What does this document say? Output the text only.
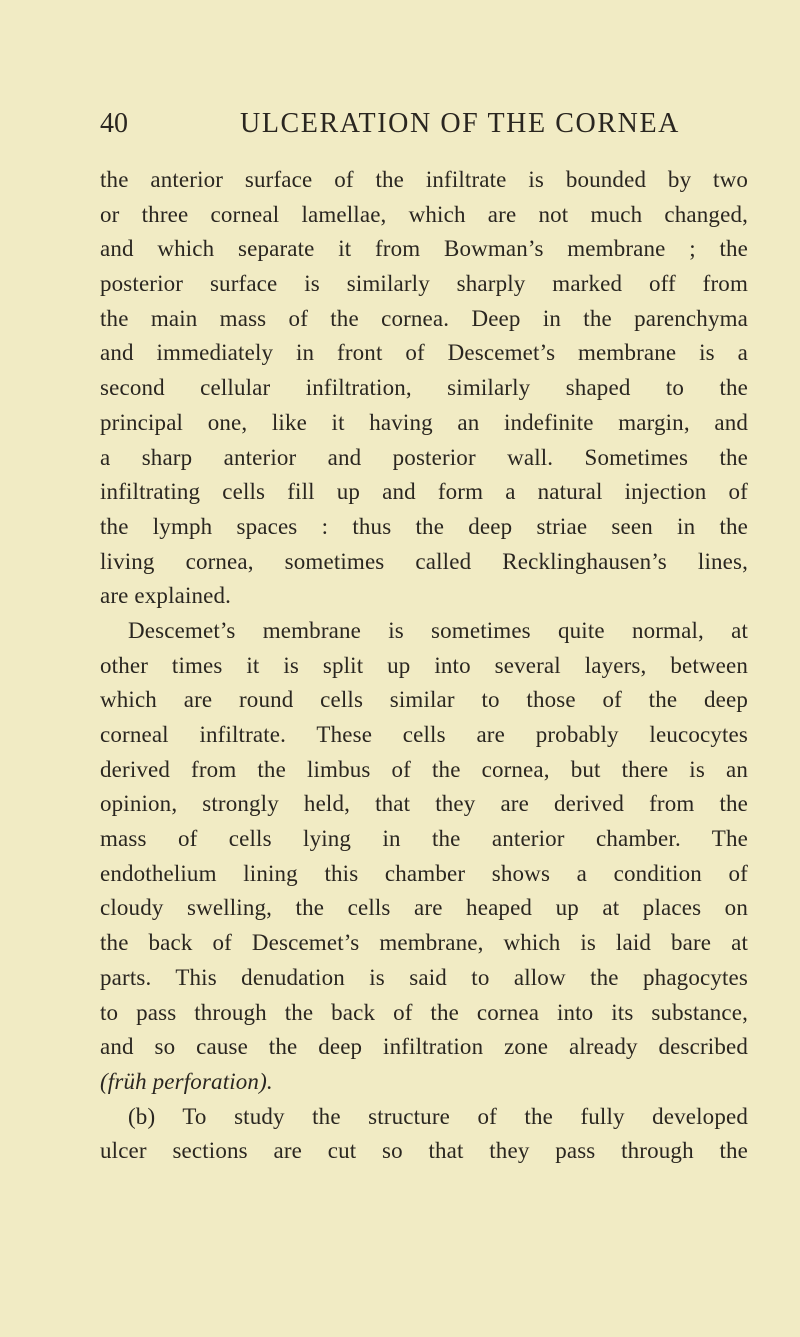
40	ULCERATION OF THE CORNEA
the anterior surface of the infiltrate is bounded by two
or three corneal lamellae, which are not much changed,
and which separate it from Bowman’s membrane ; the
posterior surface is similarly sharply marked off from
the main mass of the cornea. Deep in the parenchyma
and immediately in front of Descemet’s membrane is a
second cellular infiltration, similarly shaped to the
principal one, like it having an indefinite margin, and
a sharp anterior and posterior wall. Sometimes the
infiltrating cells fill up and form a natural injection of
the lymph spaces : thus the deep striae seen in the
living cornea, sometimes called Recklinghausen’s lines,
are explained.
Descemet’s membrane is sometimes quite normal, at
other times it is split up into several layers, between
which are round cells similar to those of the deep
corneal infiltrate. These cells are probably leucocytes
derived from the limbus of the cornea, but there is an
opinion, strongly held, that they are derived from the
mass of cells lying in the anterior chamber. The
endothelium lining this chamber shows a condition of
cloudy swelling, the cells are heaped up at places on
the back of Descemet’s membrane, which is laid bare at
parts. This denudation is said to allow the phagocytes
to pass through the back of the cornea into its substance,
and so cause the deep infiltration zone already described
(früh perforation).
(b) To study the structure of the fully developed
ulcer sections are cut so that they pass through the
